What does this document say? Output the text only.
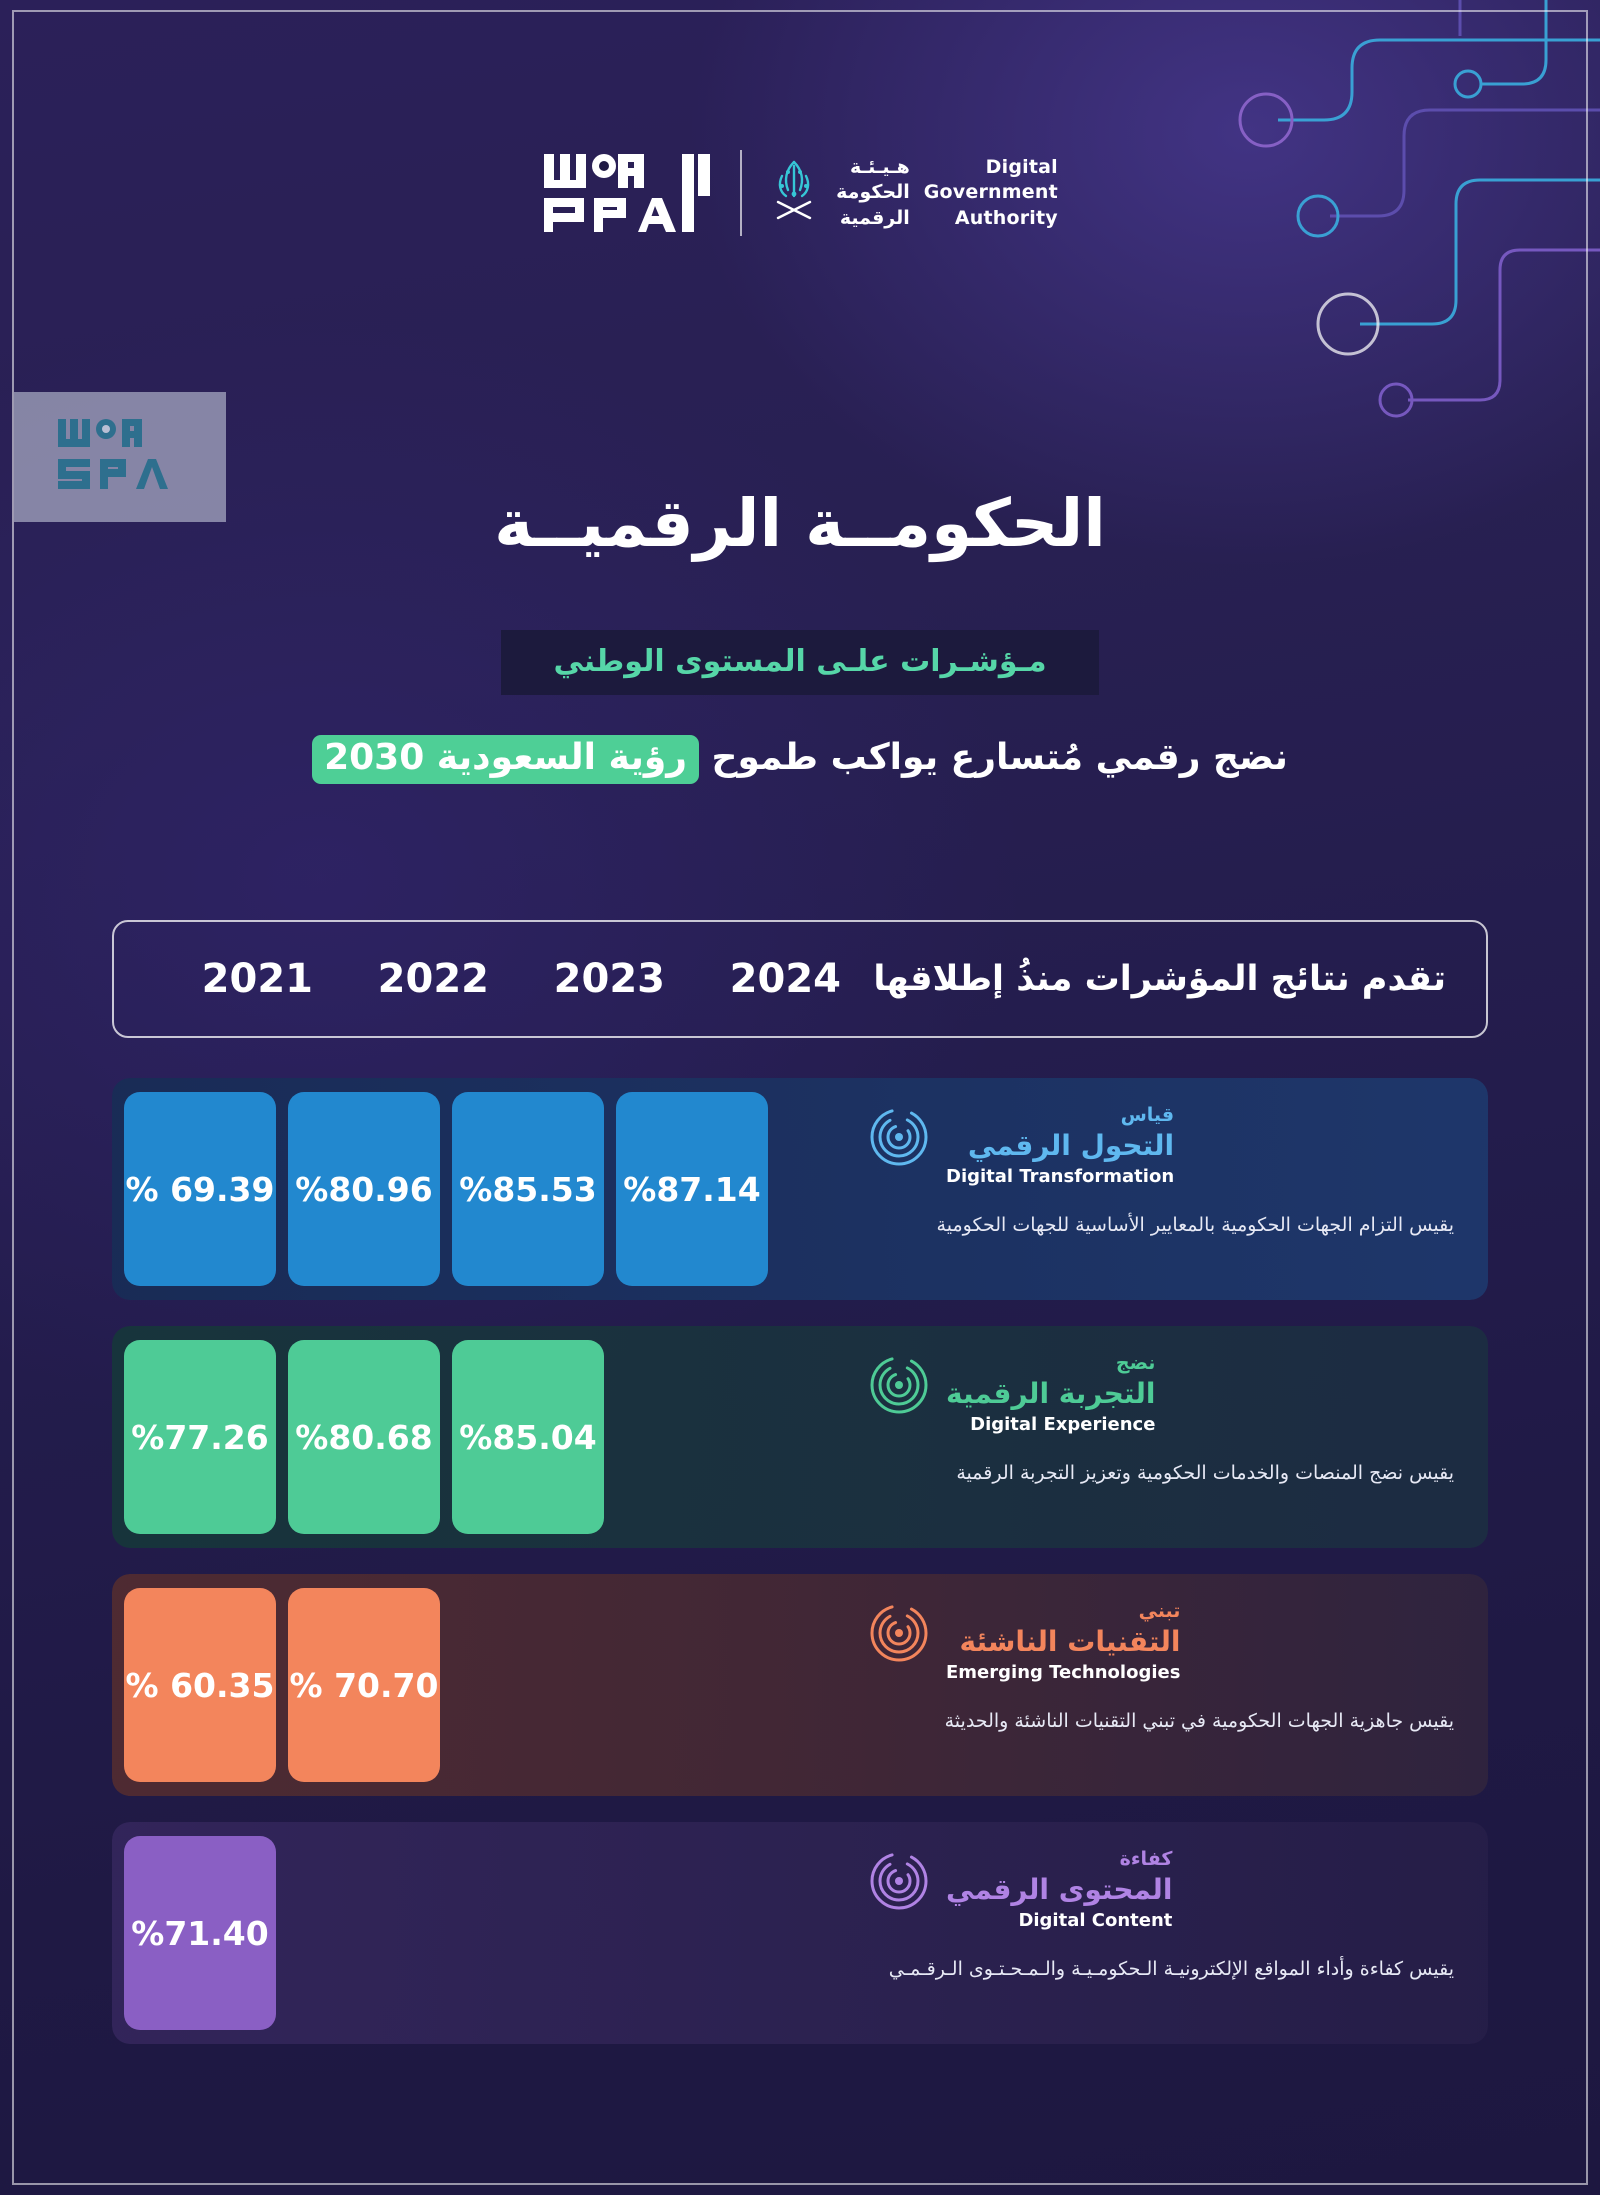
Digital
Government
Authority
هـيـئـة
الحكومة
الرقمية
الحكومــة الرقميــة
مـؤشـرات علـى المستوى الوطني
نضج رقمي مُتسارع يواكب طموح رؤية السعودية 2030
تقدم نتائج المؤشرات منذُ إطلاقها
2024
2023
2022
2021
قياس
التحول الرقمي
Digital Transformation
يقيس التزام الجهات الحكومية بالمعايير الأساسية للجهات الحكومية
%87.14
%85.53
%80.96
% 69.39
نضج
التجربة الرقمية
Digital Experience
يقيس نضج المنصات والخدمات الحكومية وتعزيز التجربة الرقمية
%85.04
%80.68
%77.26
تبني
التقنيات الناشئة
Emerging Technologies
يقيس جاهزية الجهات الحكومية في تبني التقنيات الناشئة والحديثة
% 70.70
% 60.35
كفاءة
المحتوى الرقمي
Digital Content
يقيس كفاءة وأداء المواقع الإلكترونيـة الـحكومـيـة والـمـحـتـوى الـرقـمـي
%71.40
